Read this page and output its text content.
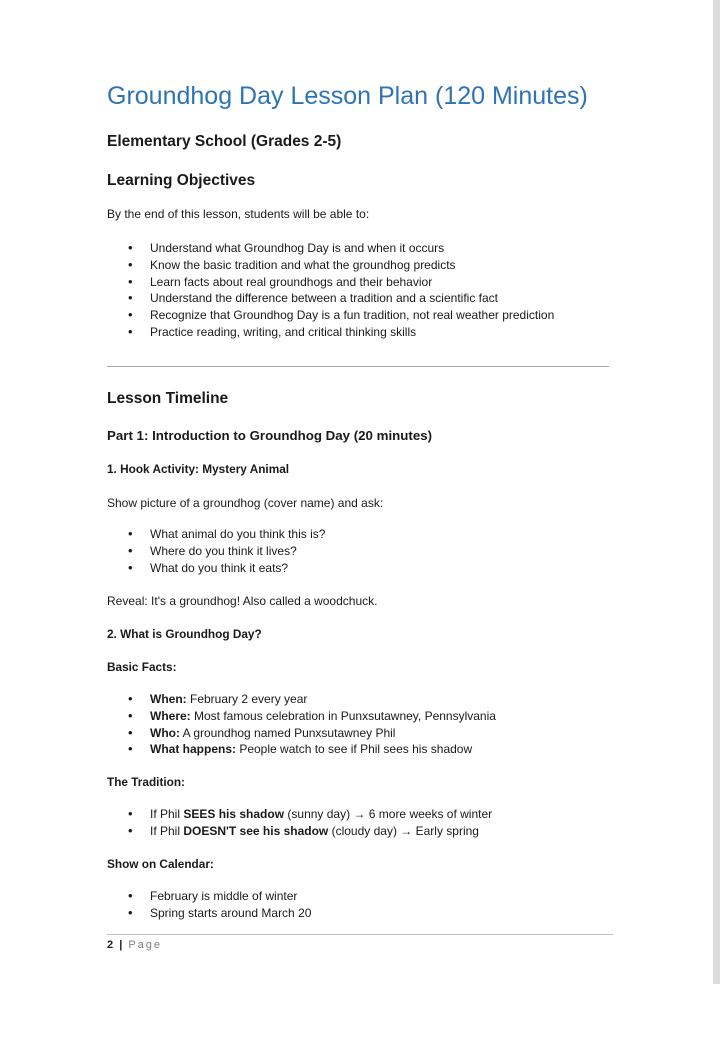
Groundhog Day Lesson Plan (120 Minutes)
Elementary School (Grades 2-5)
Learning Objectives

By the end of this lesson, students will be able to:

• Understand what Groundhog Day is and when it occurs
• Know the basic tradition and what the groundhog predicts
• Learn facts about real groundhogs and their behavior
• Understand the difference between a tradition and a scientific fact
• Recognize that Groundhog Day is a fun tradition, not real weather prediction
• Practice reading, writing, and critical thinking skills
Lesson Timeline
Part 1: Introduction to Groundhog Day (20 minutes)
1. Hook Activity: Mystery Animal

Show picture of a groundhog (cover name) and ask:

• What animal do you think this is?
• Where do you think it lives?
• What do you think it eats?

Reveal: It's a groundhog! Also called a woodchuck.

2. What is Groundhog Day?
Basic Facts:
• When: February 2 every year
• Where: Most famous celebration in Punxsutawney, Pennsylvania
• Who: A groundhog named Punxsutawney Phil
• What happens: People watch to see if Phil sees his shadow
The Tradition:
• If Phil SEES his shadow (sunny day) → 6 more weeks of winter
• If Phil DOESN'T see his shadow (cloudy day) → Early spring
Show on Calendar:
• February is middle of winter
• Spring starts around March 20
2 | Page
